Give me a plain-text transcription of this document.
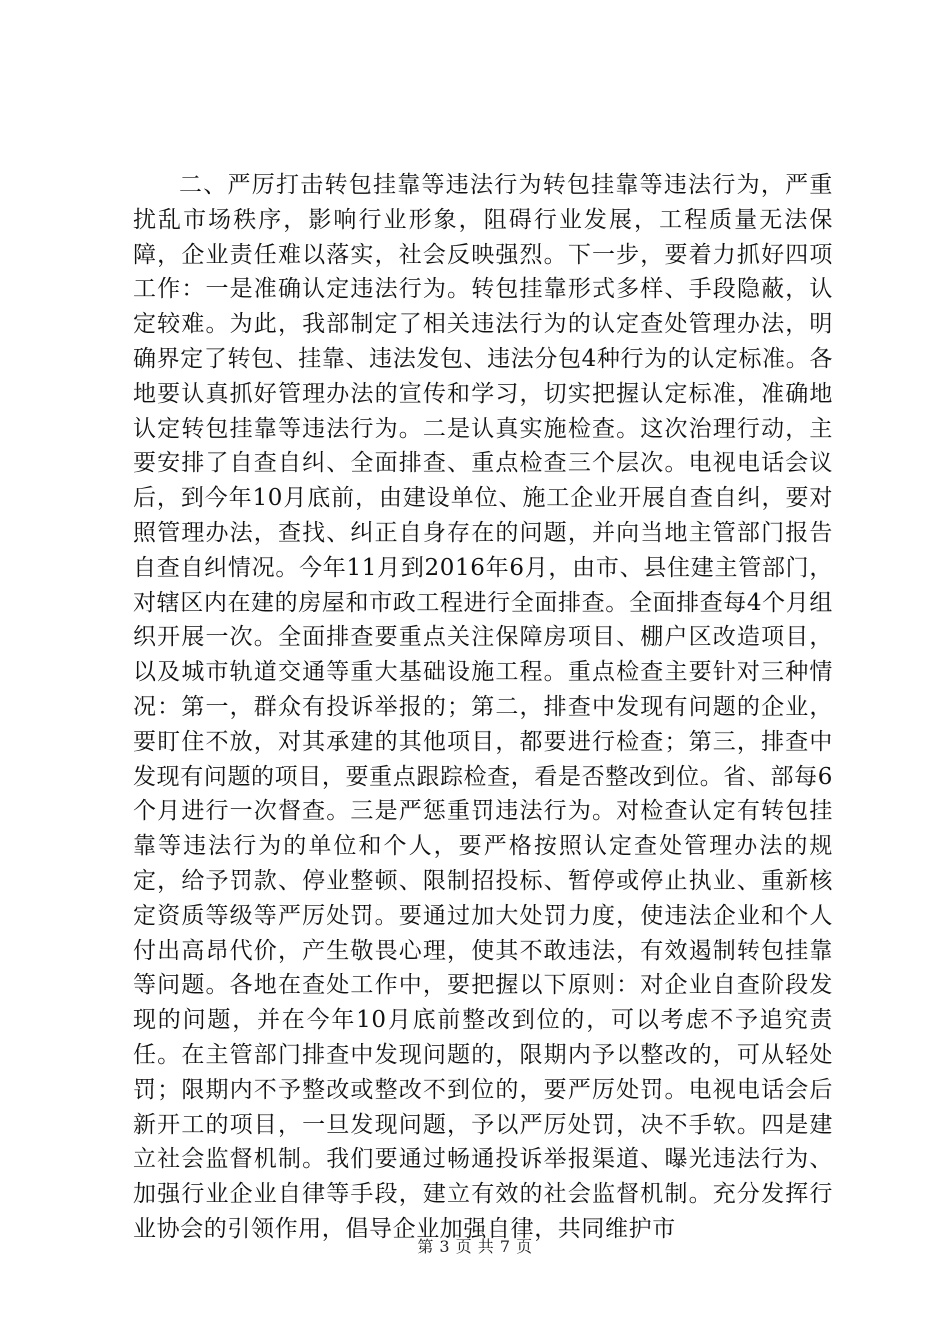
二、严厉打击转包挂靠等违法行为转包挂靠等违法行为，严重扰乱市场秩序，影响行业形象，阻碍行业发展，工程质量无法保障，企业责任难以落实，社会反映强烈。下一步，要着力抓好四项工作：一是准确认定违法行为。转包挂靠形式多样、手段隐蔽，认定较难。为此，我部制定了相关违法行为的认定查处管理办法，明确界定了转包、挂靠、违法发包、违法分包4种行为的认定标准。各地要认真抓好管理办法的宣传和学习，切实把握认定标准，准确地认定转包挂靠等违法行为。二是认真实施检查。这次治理行动，主要安排了自查自纠、全面排查、重点检查三个层次。电视电话会议后，到今年10月底前，由建设单位、施工企业开展自查自纠，要对照管理办法，查找、纠正自身存在的问题，并向当地主管部门报告自查自纠情况。今年11月到2016年6月，由市、县住建主管部门，对辖区内在建的房屋和市政工程进行全面排查。全面排查每4个月组织开展一次。全面排查要重点关注保障房项目、棚户区改造项目，以及城市轨道交通等重大基础设施工程。重点检查主要针对三种情况：第一，群众有投诉举报的；第二，排查中发现有问题的企业，要盯住不放，对其承建的其他项目，都要进行检查；第三，排查中发现有问题的项目，要重点跟踪检查，看是否整改到位。省、部每6个月进行一次督查。三是严惩重罚违法行为。对检查认定有转包挂靠等违法行为的单位和个人，要严格按照认定查处管理办法的规定，给予罚款、停业整顿、限制招投标、暂停或停止执业、重新核定资质等级等严厉处罚。要通过加大处罚力度，使违法企业和个人付出高昂代价，产生敬畏心理，使其不敢违法，有效遏制转包挂靠等问题。各地在查处工作中，要把握以下原则：对企业自查阶段发现的问题，并在今年10月底前整改到位的，可以考虑不予追究责任。在主管部门排查中发现问题的，限期内予以整改的，可从轻处罚；限期内不予整改或整改不到位的，要严厉处罚。电视电话会后新开工的项目，一旦发现问题，予以严厉处罚，决不手软。四是建立社会监督机制。我们要通过畅通投诉举报渠道、曝光违法行为、加强行业企业自律等手段，建立有效的社会监督机制。充分发挥行业协会的引领作用，倡导企业加强自律，共同维护市

第 3 页 共 7 页
